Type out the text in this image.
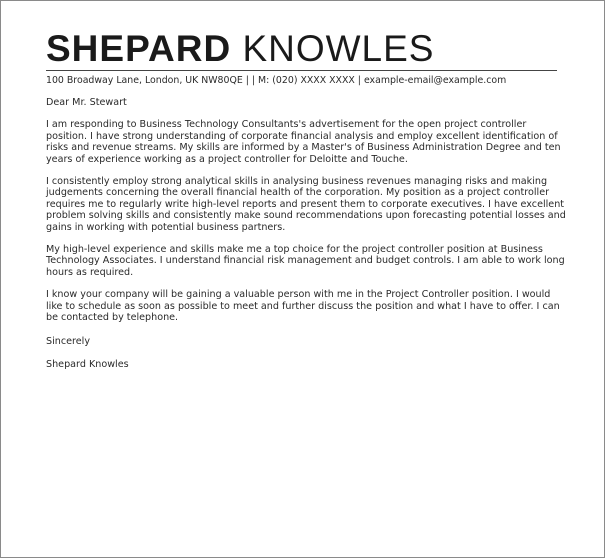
SHEPARD KNOWLES
100 Broadway Lane, London, UK NW80QE | | M: (020) XXXX XXXX | example-email@example.com
Dear Mr. Stewart
I am responding to Business Technology Consultants's advertisement for the open project controller position. I have strong understanding of corporate financial analysis and employ excellent identification of risks and revenue streams. My skills are informed by a Master's of Business Administration Degree and ten years of experience working as a project controller for Deloitte and Touche.
I consistently employ strong analytical skills in analysing business revenues managing risks and making judgements concerning the overall financial health of the corporation. My position as a project controller requires me to regularly write high-level reports and present them to corporate executives. I have excellent problem solving skills and consistently make sound recommendations upon forecasting potential losses and gains in working with potential business partners.
My high-level experience and skills make me a top choice for the project controller position at Business Technology Associates. I understand financial risk management and budget controls. I am able to work long hours as required.
I know your company will be gaining a valuable person with me in the Project Controller position. I would like to schedule as soon as possible to meet and further discuss the position and what I have to offer. I can be contacted by telephone.
Sincerely
Shepard Knowles
